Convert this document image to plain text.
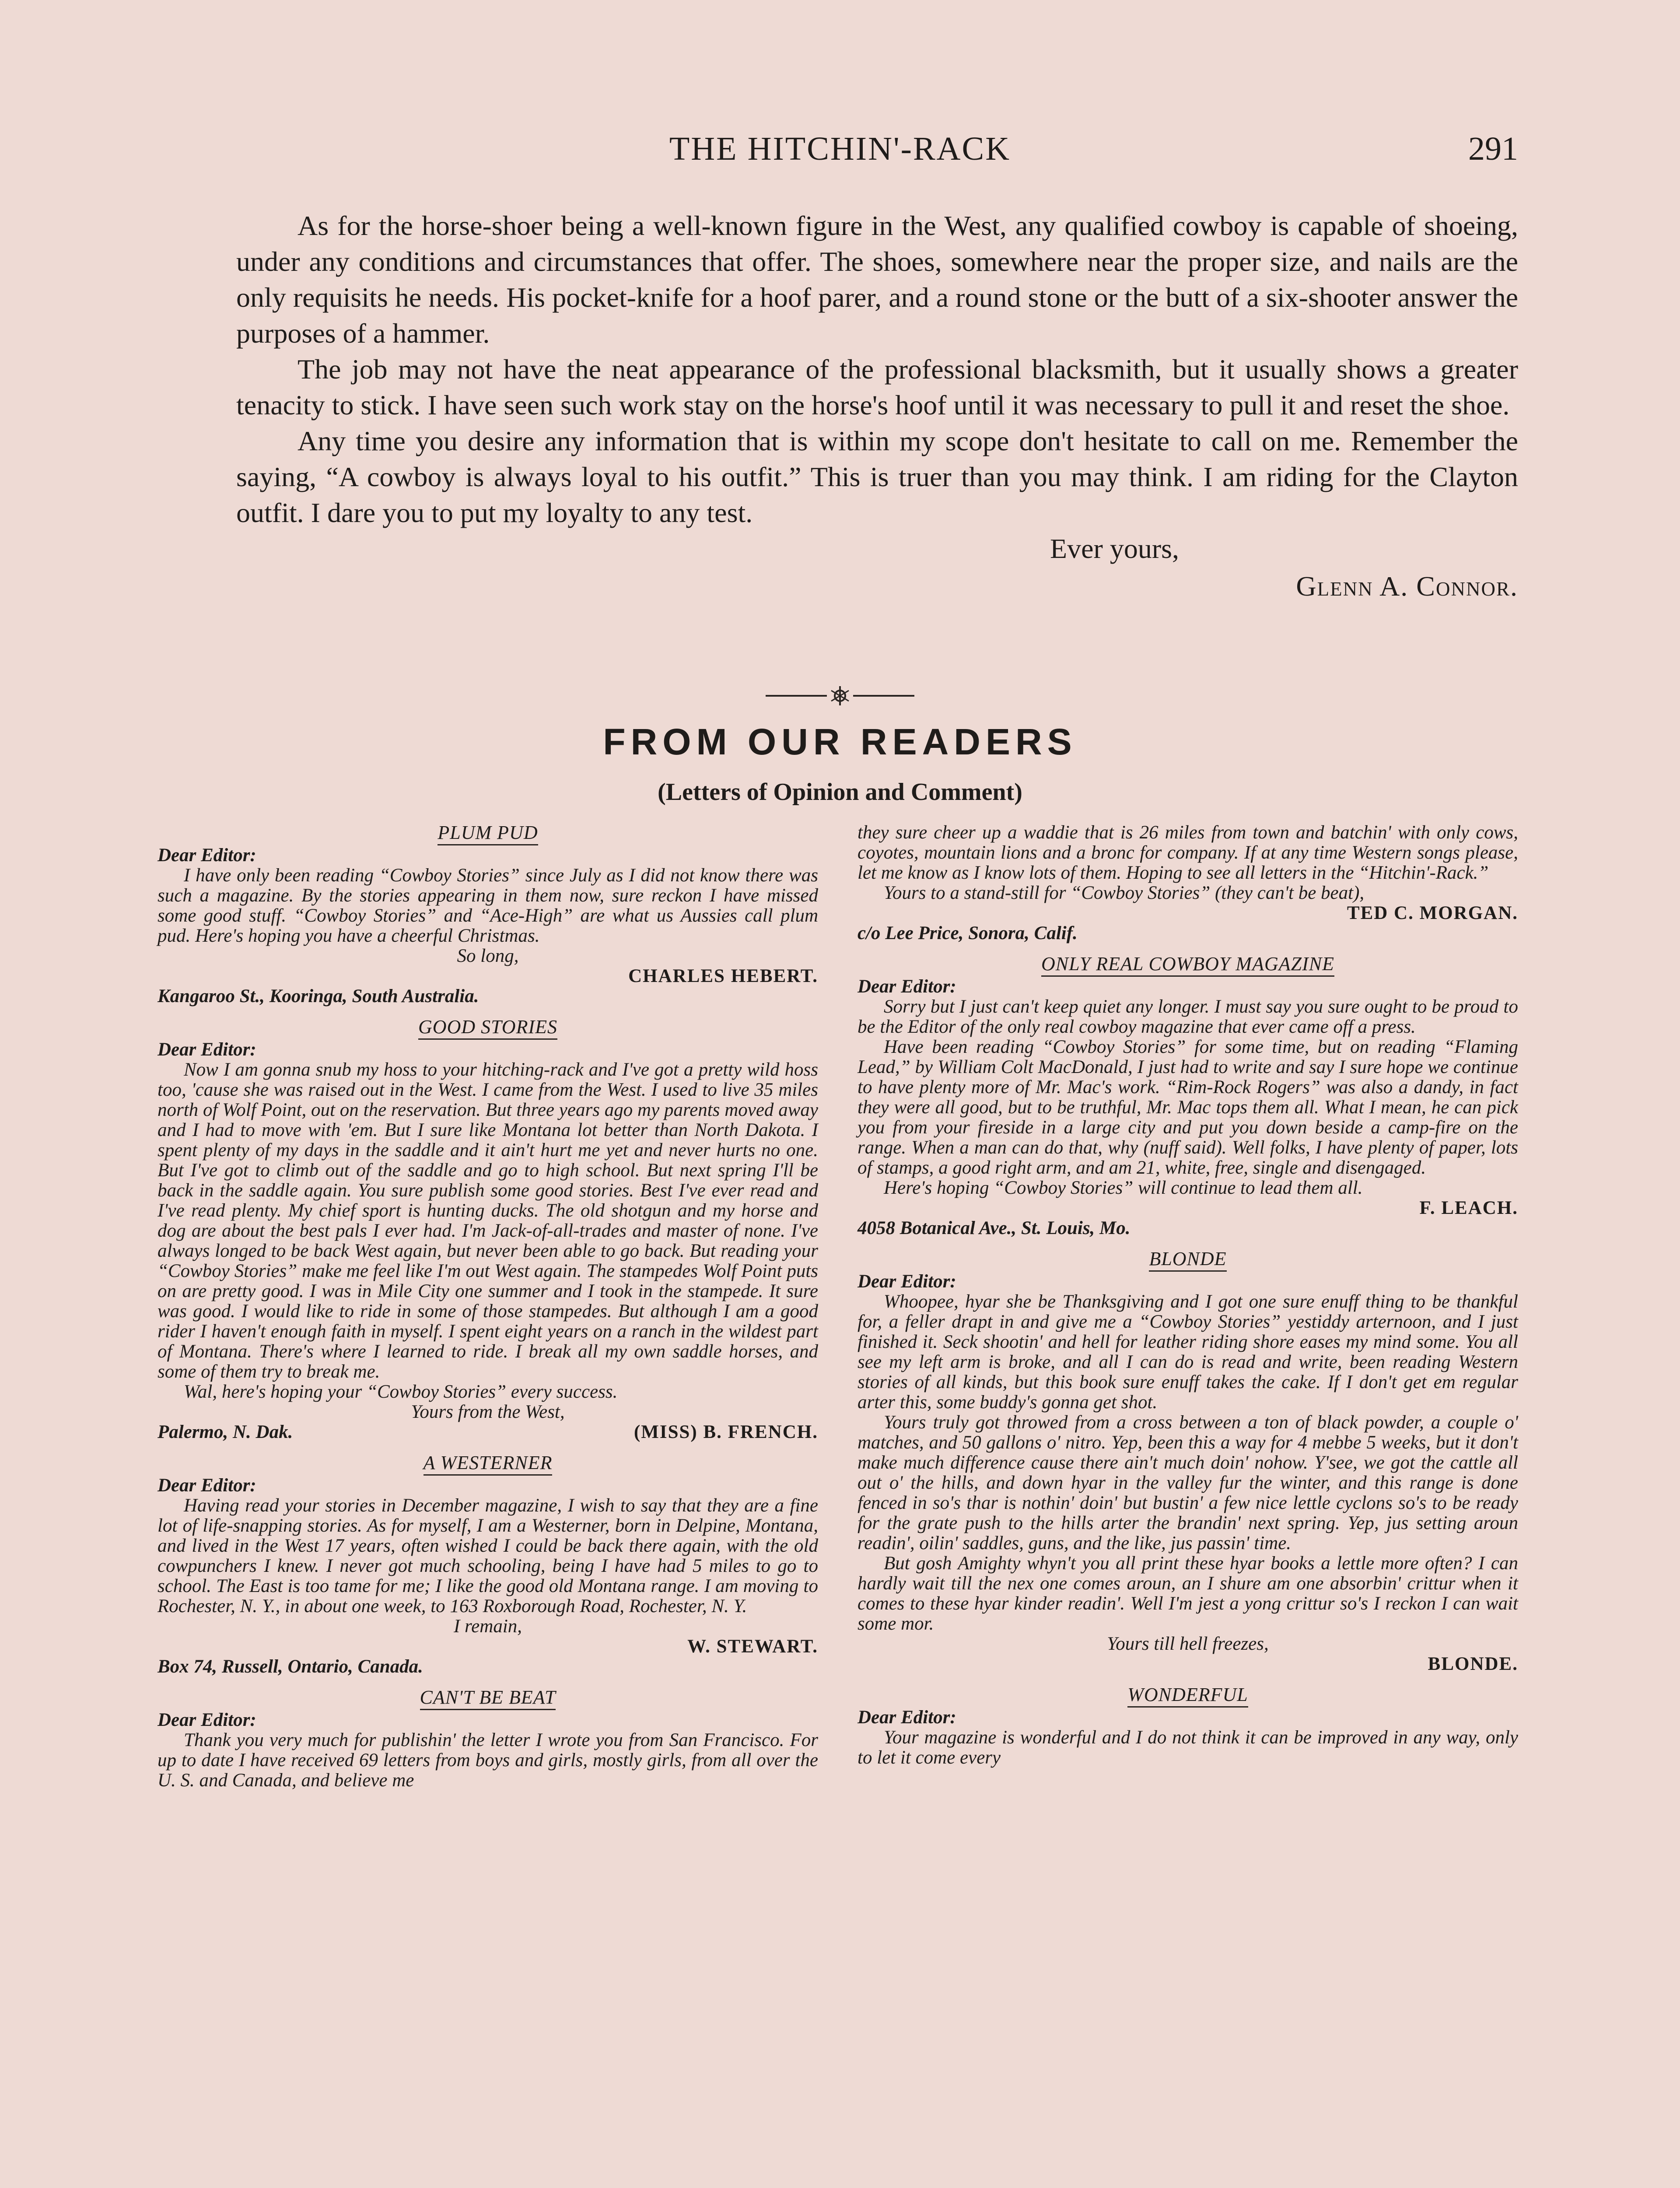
THE HITCHIN'-RACK	291

As for the horse-shoer being a well-known figure in the West, any qualified cowboy is capable of shoeing, under any conditions and circumstances that offer. The shoes, somewhere near the proper size, and nails are the only requisits he needs. His pocket-knife for a hoof parer, and a round stone or the butt of a six-shooter answer the purposes of a hammer.

The job may not have the neat appearance of the professional blacksmith, but it usually shows a greater tenacity to stick. I have seen such work stay on the horse's hoof until it was necessary to pull it and reset the shoe.

Any time you desire any information that is within my scope don't hesitate to call on me. Remember the saying, “A cowboy is always loyal to his outfit.” This is truer than you may think. I am riding for the Clayton outfit. I dare you to put my loyalty to any test.

Ever yours,
Glenn A. Connor.
FROM OUR READERS
(Letters of Opinion and Comment)
PLUM PUD
Dear Editor:

I have only been reading “Cowboy Stories” since July as I did not know there was such a magazine. By the stories appearing in them now, sure reckon I have missed some good stuff. “Cowboy Stories” and “Ace-High” are what us Aussies call plum pud. Here's hoping you have a cheerful Christmas.

So long,
CHARLES HEBERT.
Kangaroo St., Kooringa, South Australia.
GOOD STORIES
Dear Editor:

Now I am gonna snub my hoss to your hitching-rack and I've got a pretty wild hoss too, 'cause she was raised out in the West. I came from the West. I used to live 35 miles north of Wolf Point, out on the reservation. But three years ago my parents moved away and I had to move with 'em. But I sure like Montana lot better than North Dakota. I spent plenty of my days in the saddle and it ain't hurt me yet and never hurts no one. But I've got to climb out of the saddle and go to high school. But next spring I'll be back in the saddle again. You sure publish some good stories. Best I've ever read and I've read plenty. My chief sport is hunting ducks. The old shotgun and my horse and dog are about the best pals I ever had. I'm Jack-of-all-trades and master of none. I've always longed to be back West again, but never been able to go back. But reading your “Cowboy Stories” make me feel like I'm out West again. The stampedes Wolf Point puts on are pretty good. I was in Mile City one summer and I took in the stampede. It sure was good. I would like to ride in some of those stampedes. But although I am a good rider I haven't enough faith in myself. I spent eight years on a ranch in the wildest part of Montana. There's where I learned to ride. I break all my own saddle horses, and some of them try to break me.

Wal, here's hoping your “Cowboy Stories” every success.

Yours from the West,
Palermo, N. Dak.	(MISS) B. FRENCH.
A WESTERNER
Dear Editor:

Having read your stories in December magazine, I wish to say that they are a fine lot of life-snapping stories. As for myself, I am a Westerner, born in Delpine, Montana, and lived in the West 17 years, often wished I could be back there again, with the old cowpunchers I knew. I never got much schooling, being I have had 5 miles to go to school. The East is too tame for me; I like the good old Montana range. I am moving to Rochester, N. Y., in about one week, to 163 Roxborough Road, Rochester, N. Y.

I remain,
W. STEWART.
Box 74, Russell, Ontario, Canada.
CAN'T BE BEAT
Dear Editor:

Thank you very much for publishin' the letter I wrote you from San Francisco. For up to date I have received 69 letters from boys and girls, mostly girls, from all over the U. S. and Canada, and believe me

they sure cheer up a waddie that is 26 miles from town and batchin' with only cows, coyotes, mountain lions and a bronc for company. If at any time Western songs please, let me know as I know lots of them. Hoping to see all letters in the “Hitchin'-Rack.”

Yours to a stand-still for “Cowboy Stories” (they can't be beat),

TED C. MORGAN.
c/o Lee Price, Sonora, Calif.
ONLY REAL COWBOY MAGAZINE
Dear Editor:

Sorry but I just can't keep quiet any longer. I must say you sure ought to be proud to be the Editor of the only real cowboy magazine that ever came off a press.

Have been reading “Cowboy Stories” for some time, but on reading “Flaming Lead,” by William Colt MacDonald, I just had to write and say I sure hope we continue to have plenty more of Mr. Mac's work. “Rim-Rock Rogers” was also a dandy, in fact they were all good, but to be truthful, Mr. Mac tops them all. What I mean, he can pick you from your fireside in a large city and put you down beside a camp-fire on the range. When a man can do that, why (nuff said). Well folks, I have plenty of paper, lots of stamps, a good right arm, and am 21, white, free, single and disengaged.

Here's hoping “Cowboy Stories” will continue to lead them all.

F. LEACH.
4058 Botanical Ave., St. Louis, Mo.
BLONDE
Dear Editor:

Whoopee, hyar she be Thanksgiving and I got one sure enuff thing to be thankful for, a feller drapt in and give me a “Cowboy Stories” yestiddy arternoon, and I just finished it. Seck shootin' and hell for leather riding shore eases my mind some. You all see my left arm is broke, and all I can do is read and write, been reading Western stories of all kinds, but this book sure enuff takes the cake. If I don't get em regular arter this, some buddy's gonna get shot.

Yours truly got throwed from a cross between a ton of black powder, a couple o' matches, and 50 gallons o' nitro. Yep, been this a way for 4 mebbe 5 weeks, but it don't make much difference cause there ain't much doin' nohow. Y'see, we got the cattle all out o' the hills, and down hyar in the valley fur the winter, and this range is done fenced in so's thar is nothin' doin' but bustin' a few nice lettle cyclons so's to be ready for the grate push to the hills arter the brandin' next spring. Yep, jus setting aroun readin', oilin' saddles, guns, and the like, jus passin' time.

But gosh Amighty whyn't you all print these hyar books a lettle more often? I can hardly wait till the nex one comes aroun, an I shure am one absorbin' crittur when it comes to these hyar kinder readin'. Well I'm jest a yong crittur so's I reckon I can wait some mor.

Yours till hell freezes,
BLONDE.
WONDERFUL
Dear Editor:

Your magazine is wonderful and I do not think it can be improved in any way, only to let it come every
